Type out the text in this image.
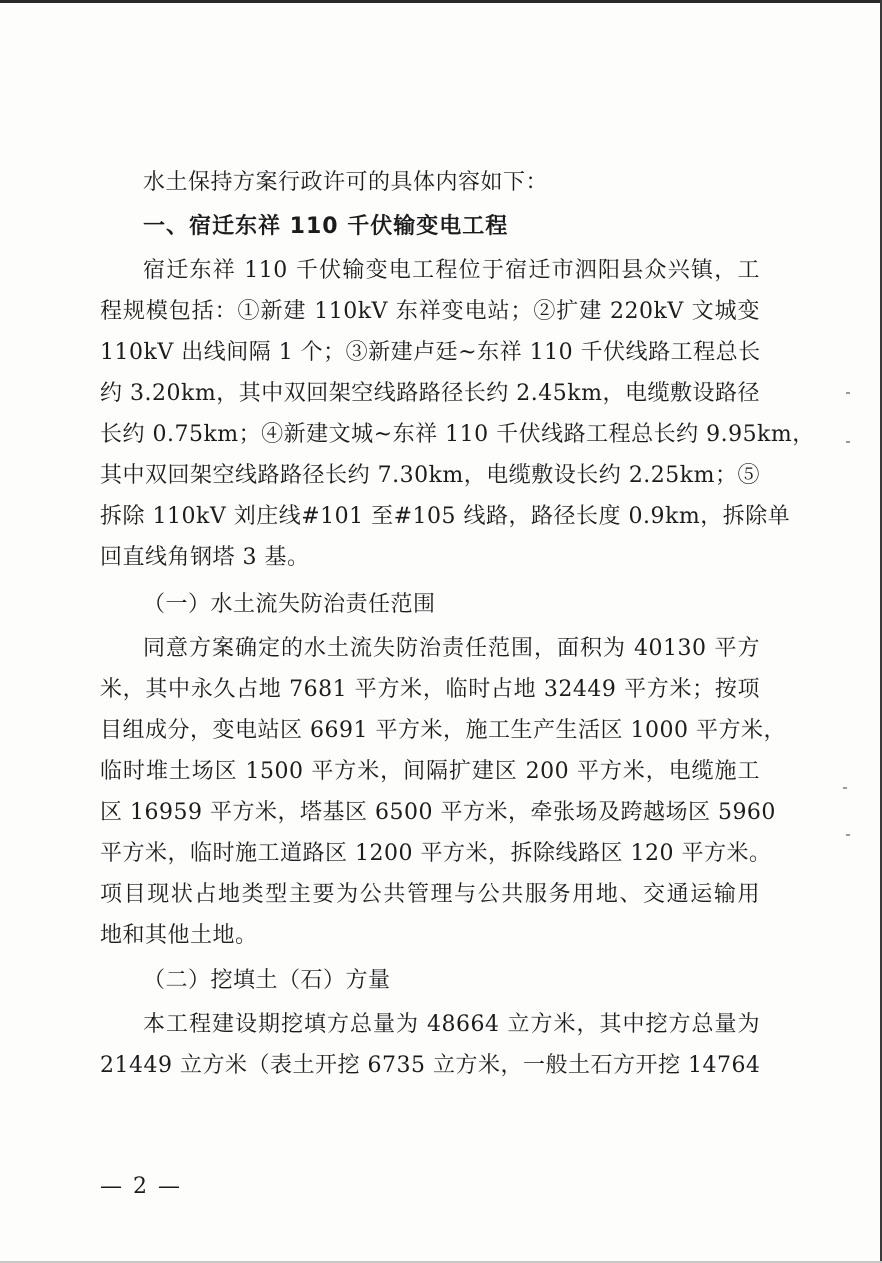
水土保持方案行政许可的具体内容如下：
一、宿迁东祥 110 千伏输变电工程
宿迁东祥 110 千伏输变电工程位于宿迁市泗阳县众兴镇，工
程规模包括：①新建 110kV 东祥变电站；②扩建 220kV 文城变
110kV 出线间隔 1 个；③新建卢廷~东祥 110 千伏线路工程总长
约 3.20km，其中双回架空线路路径长约 2.45km，电缆敷设路径
长约 0.75km；④新建文城~东祥 110 千伏线路工程总长约 9.95km，
其中双回架空线路路径长约 7.30km，电缆敷设长约 2.25km；⑤
拆除 110kV 刘庄线#101 至#105 线路，路径长度 0.9km，拆除单
回直线角钢塔 3 基。
（一）水土流失防治责任范围
同意方案确定的水土流失防治责任范围，面积为 40130 平方
米，其中永久占地 7681 平方米，临时占地 32449 平方米；按项
目组成分，变电站区 6691 平方米，施工生产生活区 1000 平方米，
临时堆土场区 1500 平方米，间隔扩建区 200 平方米，电缆施工
区 16959 平方米，塔基区 6500 平方米，牵张场及跨越场区 5960
平方米，临时施工道路区 1200 平方米，拆除线路区 120 平方米。
项目现状占地类型主要为公共管理与公共服务用地、交通运输用
地和其他土地。
（二）挖填土（石）方量
本工程建设期挖填方总量为 48664 立方米，其中挖方总量为
21449 立方米（表土开挖 6735 立方米，一般土石方开挖 14764
— 2 —
